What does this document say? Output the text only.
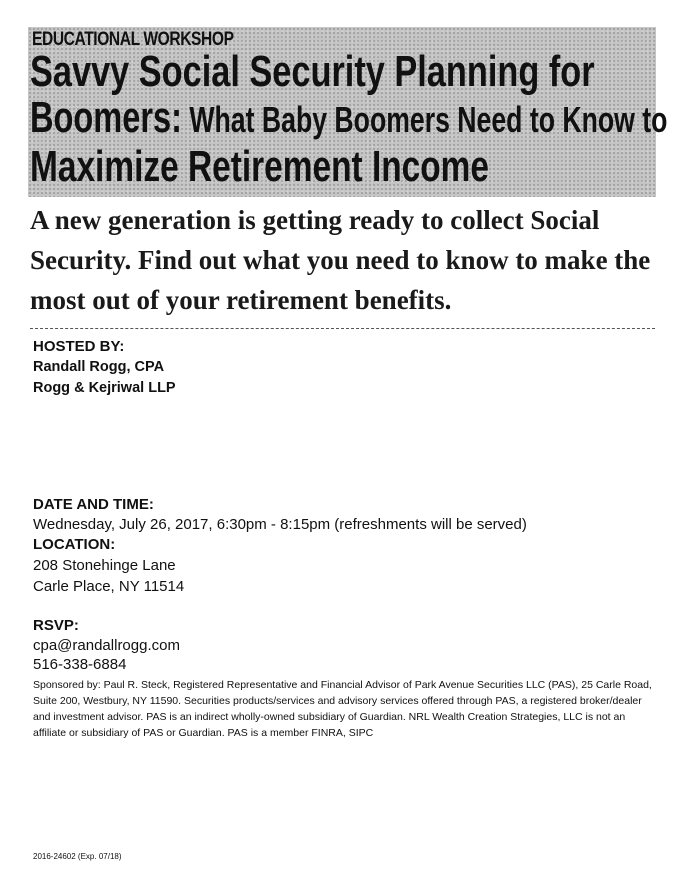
EDUCATIONAL WORKSHOP
Savvy Social Security Planning for
Boomers: What Baby Boomers Need to Know to
Maximize Retirement Income

A new generation is getting ready to collect Social Security. Find out what you need to know to make the most out of your retirement benefits.

HOSTED BY:

Randall Rogg, CPA

Rogg & Kejriwal LLP

DATE AND TIME:

Wednesday, July 26, 2017, 6:30pm - 8:15pm (refreshments will be served)

LOCATION:

208 Stonehinge Lane

Carle Place, NY 11514

RSVP:

cpa@randallrogg.com

516-338-6884

Sponsored by: Paul R. Steck, Registered Representative and Financial Advisor of Park Avenue Securities LLC (PAS), 25 Carle Road, Suite 200, Westbury, NY 11590. Securities products/services and advisory services offered through PAS, a registered broker/dealer and investment advisor. PAS is an indirect wholly-owned subsidiary of Guardian. NRL Wealth Creation Strategies, LLC is not an affiliate or subsidiary of PAS or Guardian. PAS is a member FINRA, SIPC

2016-24602 (Exp. 07/18)
